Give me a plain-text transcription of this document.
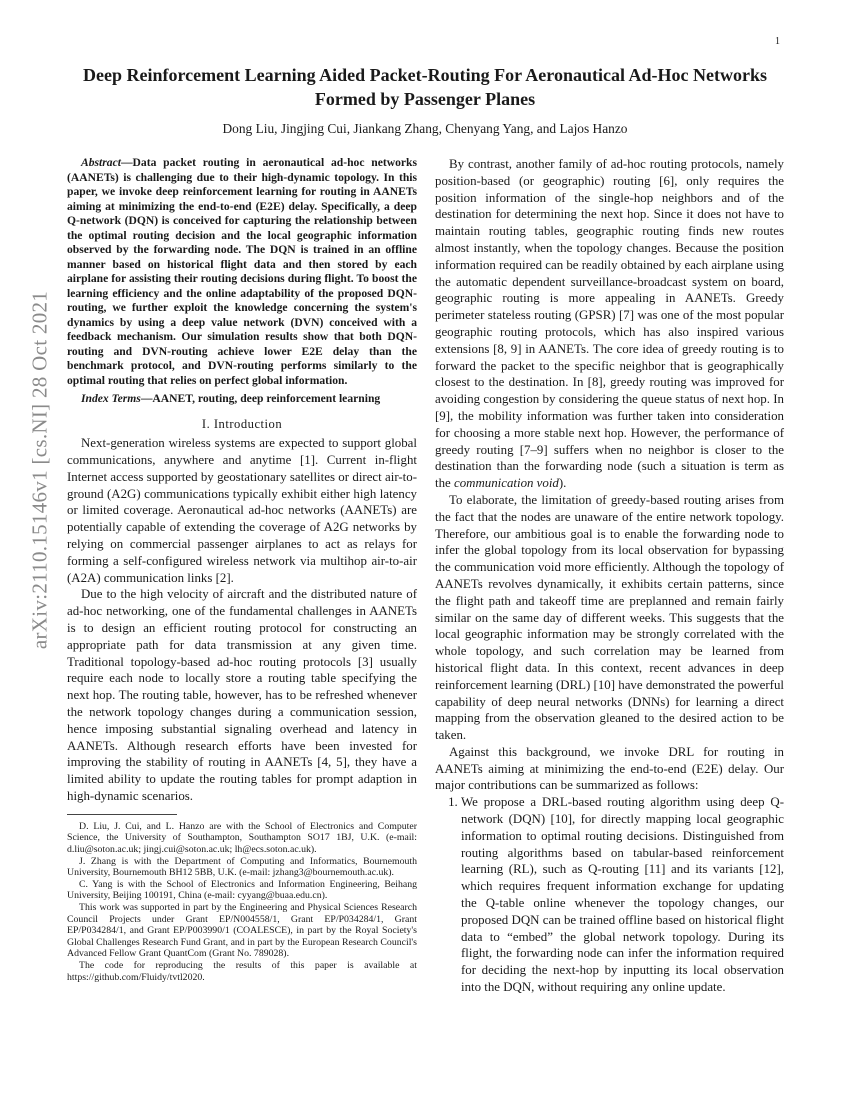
1
arXiv:2110.15146v1 [cs.NI] 28 Oct 2021
Deep Reinforcement Learning Aided Packet-Routing For Aeronautical Ad-Hoc Networks Formed by Passenger Planes
Dong Liu, Jingjing Cui, Jiankang Zhang, Chenyang Yang, and Lajos Hanzo

Abstract—Data packet routing in aeronautical ad-hoc networks (AANETs) is challenging due to their high-dynamic topology. In this paper, we invoke deep reinforcement learning for routing in AANETs aiming at minimizing the end-to-end (E2E) delay. Specifically, a deep Q-network (DQN) is conceived for capturing the relationship between the optimal routing decision and the local geographic information observed by the forwarding node. The DQN is trained in an offline manner based on historical flight data and then stored by each airplane for assisting their routing decisions during flight. To boost the learning efficiency and the online adaptability of the proposed DQN-routing, we further exploit the knowledge concerning the system's dynamics by using a deep value network (DVN) conceived with a feedback mechanism. Our simulation results show that both DQN-routing and DVN-routing achieve lower E2E delay than the benchmark protocol, and DVN-routing performs similarly to the optimal routing that relies on perfect global information.

Index Terms—AANET, routing, deep reinforcement learning

I. Introduction

Next-generation wireless systems are expected to support global communications, anywhere and anytime [1]. Current in-flight Internet access supported by geostationary satellites or direct air-to-ground (A2G) communications typically exhibit either high latency or limited coverage. Aeronautical ad-hoc networks (AANETs) are potentially capable of extending the coverage of A2G networks by relying on commercial passenger airplanes to act as relays for forming a self-configured wireless network via multihop air-to-air (A2A) communication links [2].

Due to the high velocity of aircraft and the distributed nature of ad-hoc networking, one of the fundamental challenges in AANETs is to design an efficient routing protocol for constructing an appropriate path for data transmission at any given time. Traditional topology-based ad-hoc routing protocols [3] usually require each node to locally store a routing table specifying the next hop. The routing table, however, has to be refreshed whenever the network topology changes during a communication session, hence imposing substantial signaling overhead and latency in AANETs. Although research efforts have been invested for improving the stability of routing in AANETs [4, 5], they have a limited ability to update the routing tables for prompt adaption in high-dynamic scenarios.

D. Liu, J. Cui, and L. Hanzo are with the School of Electronics and Computer Science, the University of Southampton, Southampton SO17 1BJ, U.K. (e-mail: d.liu@soton.ac.uk; jingj.cui@soton.ac.uk; lh@ecs.soton.ac.uk).

J. Zhang is with the Department of Computing and Informatics, Bournemouth University, Bournemouth BH12 5BB, U.K. (e-mail: jzhang3@bournemouth.ac.uk).

C. Yang is with the School of Electronics and Information Engineering, Beihang University, Beijing 100191, China (e-mail: cyyang@buaa.edu.cn).

This work was supported in part by the Engineering and Physical Sciences Research Council Projects under Grant EP/N004558/1, Grant EP/P034284/1, Grant EP/P034284/1, and Grant EP/P003990/1 (COALESCE), in part by the Royal Society's Global Challenges Research Fund Grant, and in part by the European Research Council's Advanced Fellow Grant QuantCom (Grant No. 789028).

The code for reproducing the results of this paper is available at https://github.com/Fluidy/tvtl2020.

By contrast, another family of ad-hoc routing protocols, namely position-based (or geographic) routing [6], only requires the position information of the single-hop neighbors and of the destination for determining the next hop. Since it does not have to maintain routing tables, geographic routing finds new routes almost instantly, when the topology changes. Because the position information required can be readily obtained by each airplane using the automatic dependent surveillance-broadcast system on board, geographic routing is more appealing in AANETs. Greedy perimeter stateless routing (GPSR) [7] was one of the most popular geographic routing protocols, which has also inspired various extensions [8, 9] in AANETs. The core idea of greedy routing is to forward the packet to the specific neighbor that is geographically closest to the destination. In [8], greedy routing was improved for avoiding congestion by considering the queue status of next hop. In [9], the mobility information was further taken into consideration for choosing a more stable next hop. However, the performance of greedy routing [7–9] suffers when no neighbor is closer to the destination than the forwarding node (such a situation is term as the communication void).

To elaborate, the limitation of greedy-based routing arises from the fact that the nodes are unaware of the entire network topology. Therefore, our ambitious goal is to enable the forwarding node to infer the global topology from its local observation for bypassing the communication void more efficiently. Although the topology of AANETs revolves dynamically, it exhibits certain patterns, since the flight path and takeoff time are preplanned and remain fairly similar on the same day of different weeks. This suggests that the local geographic information may be strongly correlated with the whole topology, and such correlation may be learned from historical flight data. In this context, recent advances in deep reinforcement learning (DRL) [10] have demonstrated the powerful capability of deep neural networks (DNNs) for learning a direct mapping from the observation gleaned to the desired action to be taken.

Against this background, we invoke DRL for routing in AANETs aiming at minimizing the end-to-end (E2E) delay. Our major contributions can be summarized as follows:

1. We propose a DRL-based routing algorithm using deep Q-network (DQN) [10], for directly mapping local geographic information to optimal routing decisions. Distinguished from routing algorithms based on tabular-based reinforcement learning (RL), such as Q-routing [11] and its variants [12], which requires frequent information exchange for updating the Q-table online whenever the topology changes, our proposed DQN can be trained offline based on historical flight data to “embed” the global network topology. During its flight, the forwarding node can infer the information required for deciding the next-hop by inputting its local observation into the DQN, without requiring any online update.
